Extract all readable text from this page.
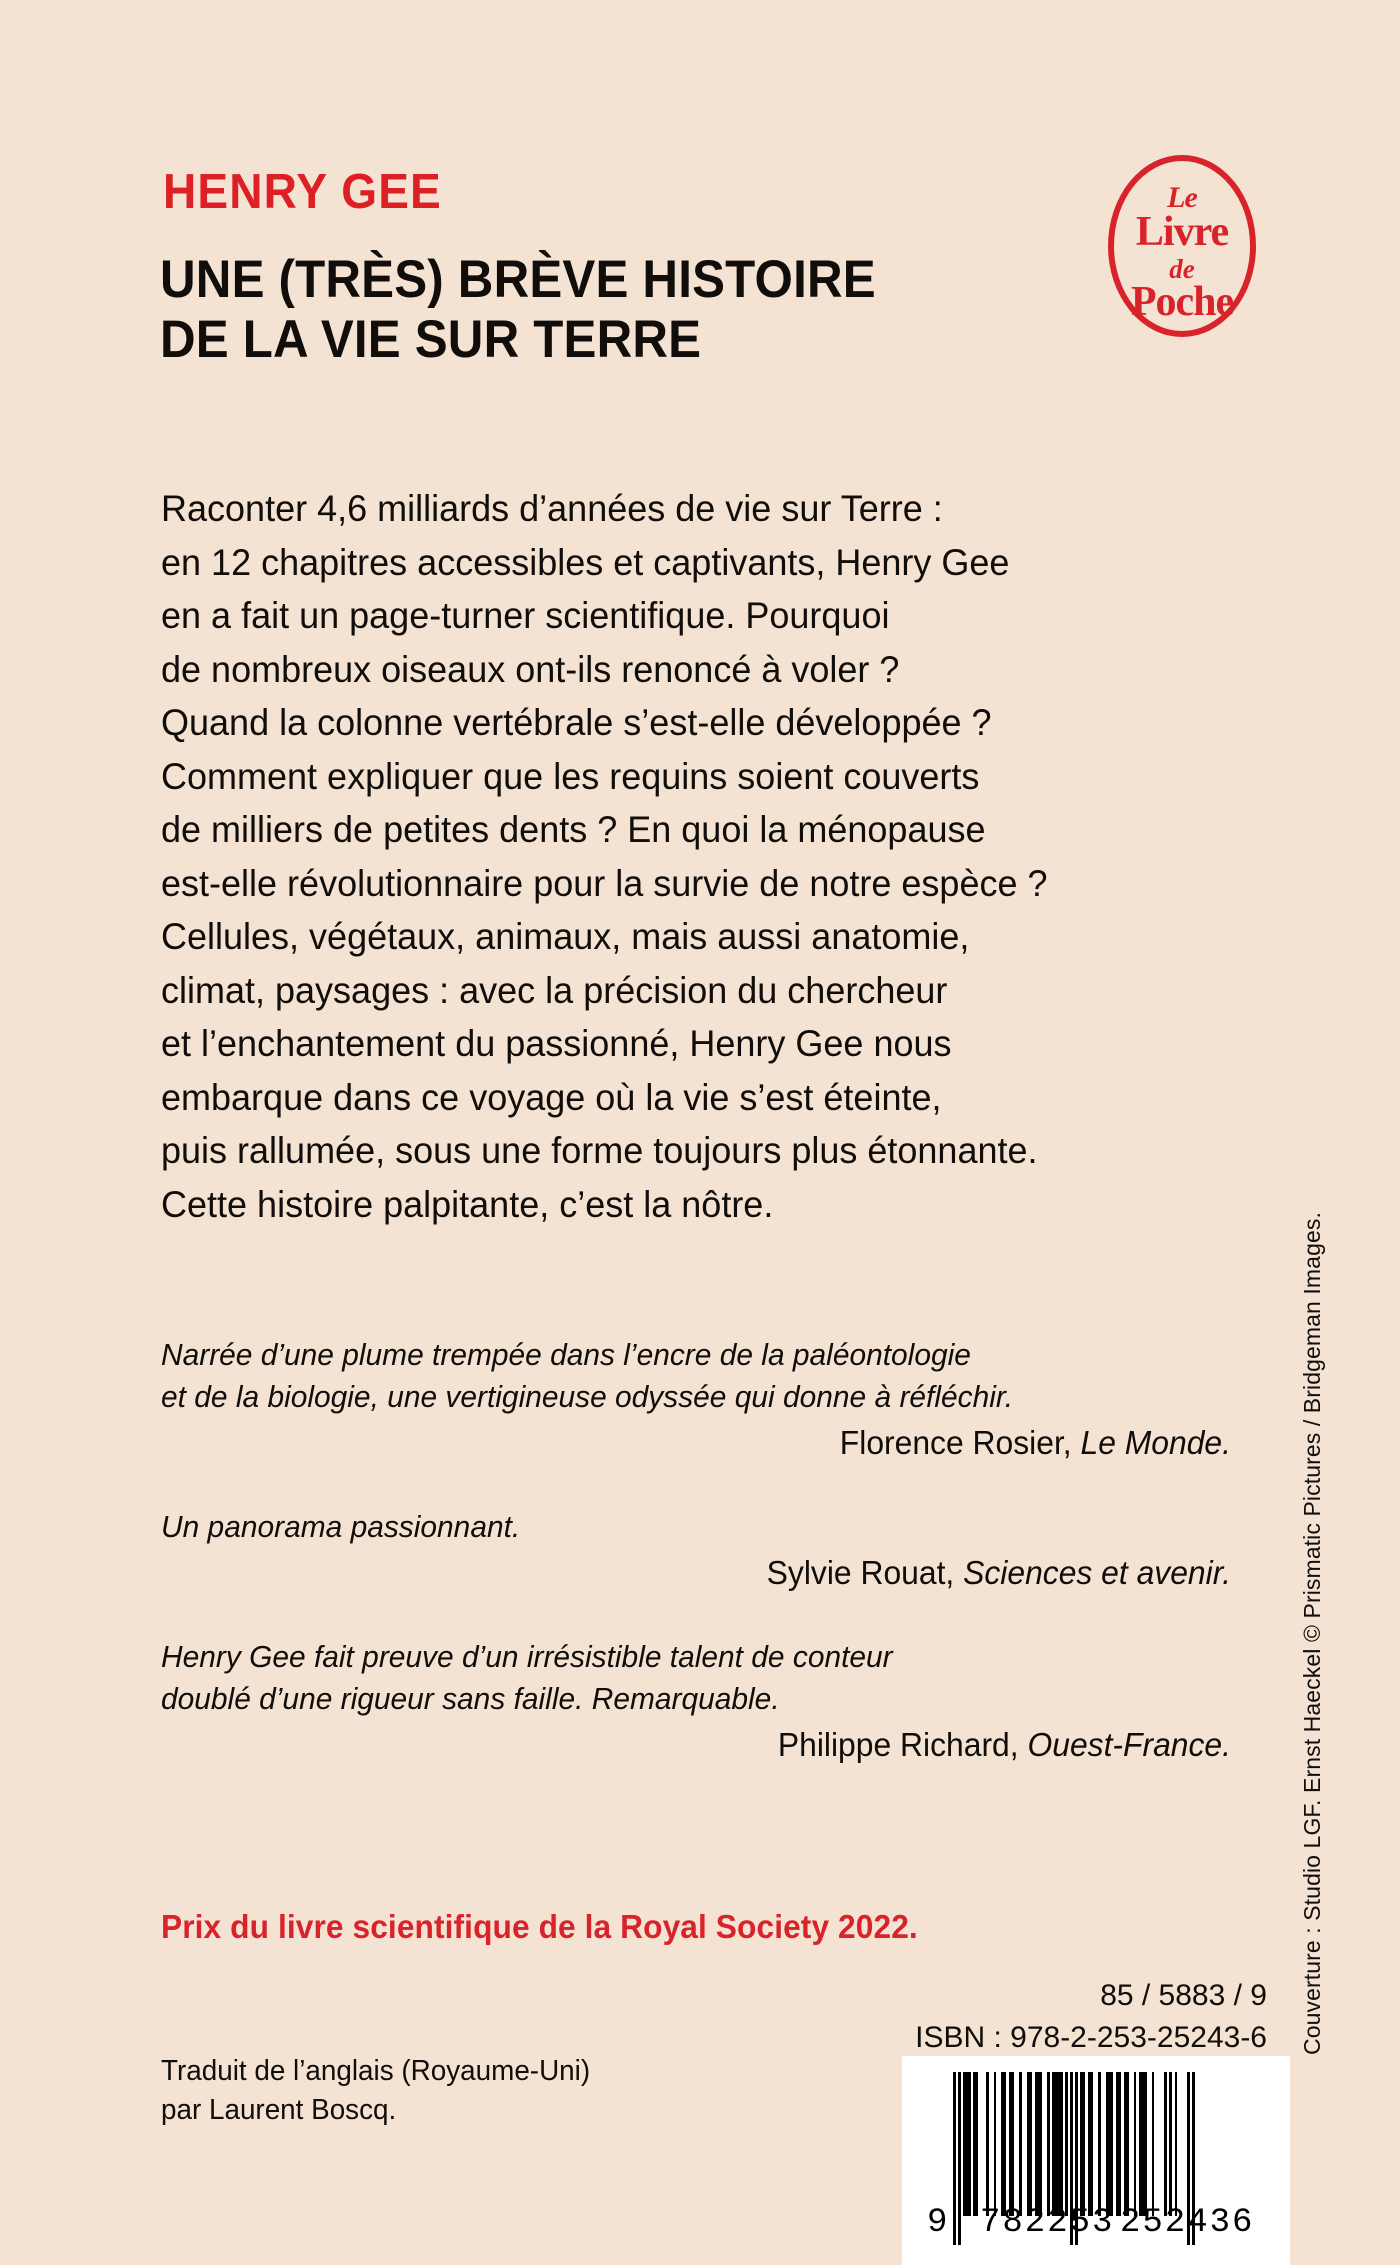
HENRY GEE
UNE (TRÈS) BRÈVE HISTOIRE
DE LA VIE SUR TERRE
Le
Livre
de
Poche
Raconter 4,6 milliards d’années de vie sur Terre :
en 12 chapitres accessibles et captivants, Henry Gee
en a fait un page-turner scientifique. Pourquoi
de nombreux oiseaux ont-ils renoncé à voler ?
Quand la colonne vertébrale s’est-elle développée ?
Comment expliquer que les requins soient couverts
de milliers de petites dents ? En quoi la ménopause
est-elle révolutionnaire pour la survie de notre espèce ?
Cellules, végétaux, animaux, mais aussi anatomie,
climat, paysages : avec la précision du chercheur
et l’enchantement du passionné, Henry Gee nous
embarque dans ce voyage où la vie s’est éteinte,
puis rallumée, sous une forme toujours plus étonnante.
Cette histoire palpitante, c’est la nôtre.
Narrée d’une plume trempée dans l’encre de la paléontologie
et de la biologie, une vertigineuse odyssée qui donne à réfléchir.
Florence Rosier, Le Monde.
Un panorama passionnant.
Sylvie Rouat, Sciences et avenir.
Henry Gee fait preuve d’un irrésistible talent de conteur
doublé d’une rigueur sans faille. Remarquable.
Philippe Richard, Ouest-France.
Prix du livre scientifique de la Royal Society 2022.
85 / 5883 / 9
ISBN : 978-2-253-25243-6
Traduit de l’anglais (Royaume-Uni)
par Laurent Boscq.
Couverture : Studio LGF. Ernst Haeckel © Prismatic Pictures / Bridgeman Images.
9 782253 252436
